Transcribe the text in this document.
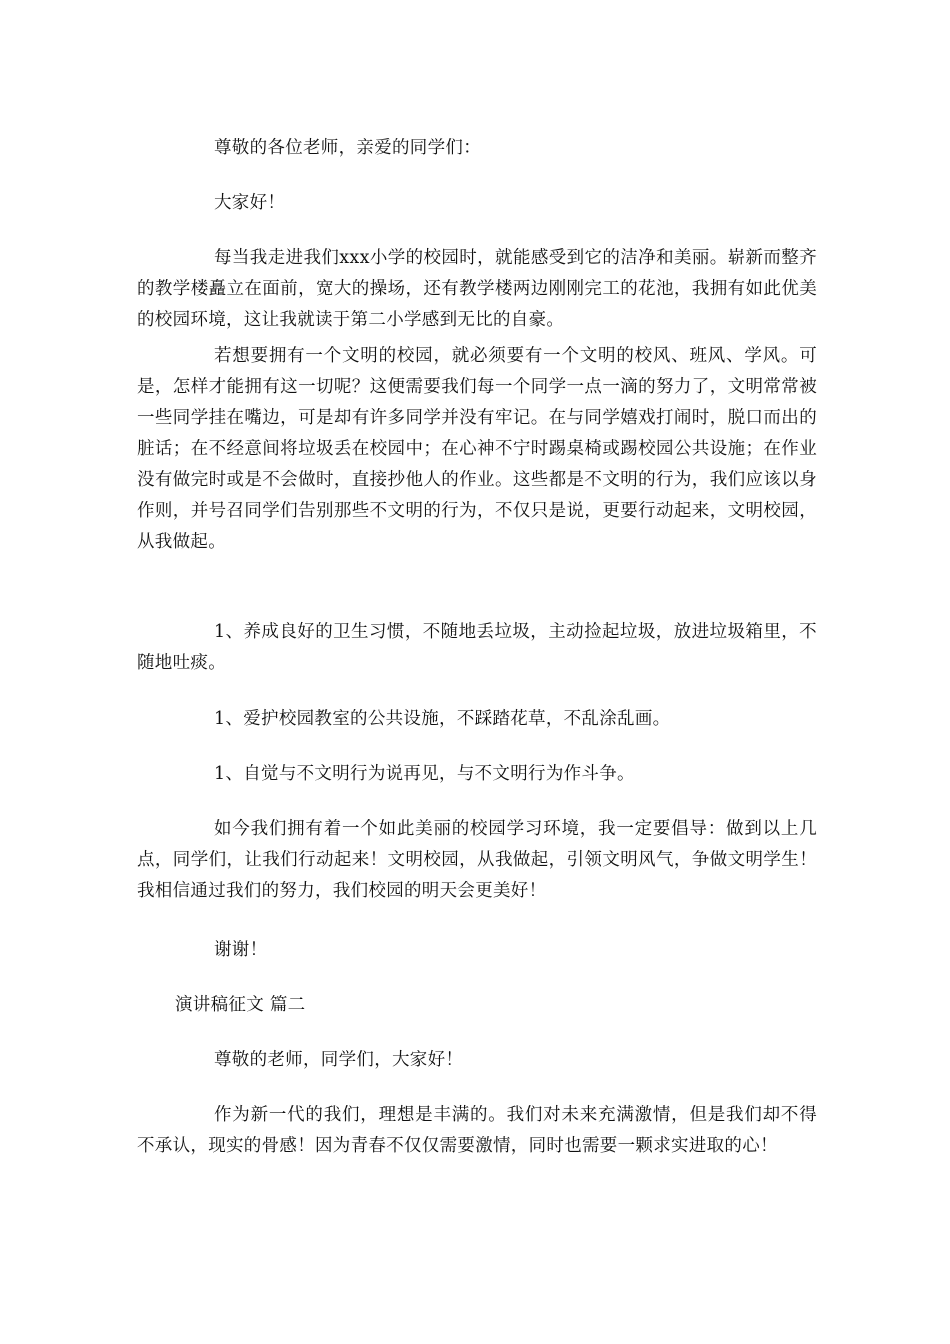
尊敬的各位老师，亲爱的同学们：

大家好！

每当我走进我们xxx小学的校园时，就能感受到它的洁净和美丽。崭新而整齐的教学楼矗立在面前，宽大的操场，还有教学楼两边刚刚完工的花池，我拥有如此优美的校园环境，这让我就读于第二小学感到无比的自豪。

若想要拥有一个文明的校园，就必须要有一个文明的校风、班风、学风。可是，怎样才能拥有这一切呢？这便需要我们每一个同学一点一滴的努力了，文明常常被一些同学挂在嘴边，可是却有许多同学并没有牢记。在与同学嬉戏打闹时，脱口而出的脏话；在不经意间将垃圾丢在校园中；在心神不宁时踢桌椅或踢校园公共设施；在作业没有做完时或是不会做时，直接抄他人的作业。这些都是不文明的行为，我们应该以身作则，并号召同学们告别那些不文明的行为，不仅只是说，更要行动起来，文明校园，从我做起。

1、养成良好的卫生习惯，不随地丢垃圾，主动捡起垃圾，放进垃圾箱里，不随地吐痰。

1、爱护校园教室的公共设施，不踩踏花草，不乱涂乱画。

1、自觉与不文明行为说再见，与不文明行为作斗争。

如今我们拥有着一个如此美丽的校园学习环境，我一定要倡导：做到以上几点，同学们，让我们行动起来！文明校园，从我做起，引领文明风气，争做文明学生！我相信通过我们的努力，我们校园的明天会更美好！

谢谢！

演讲稿征文 篇二

尊敬的老师，同学们，大家好！

作为新一代的我们，理想是丰满的。我们对未来充满激情，但是我们却不得不承认，现实的骨感！因为青春不仅仅需要激情，同时也需要一颗求实进取的心！
